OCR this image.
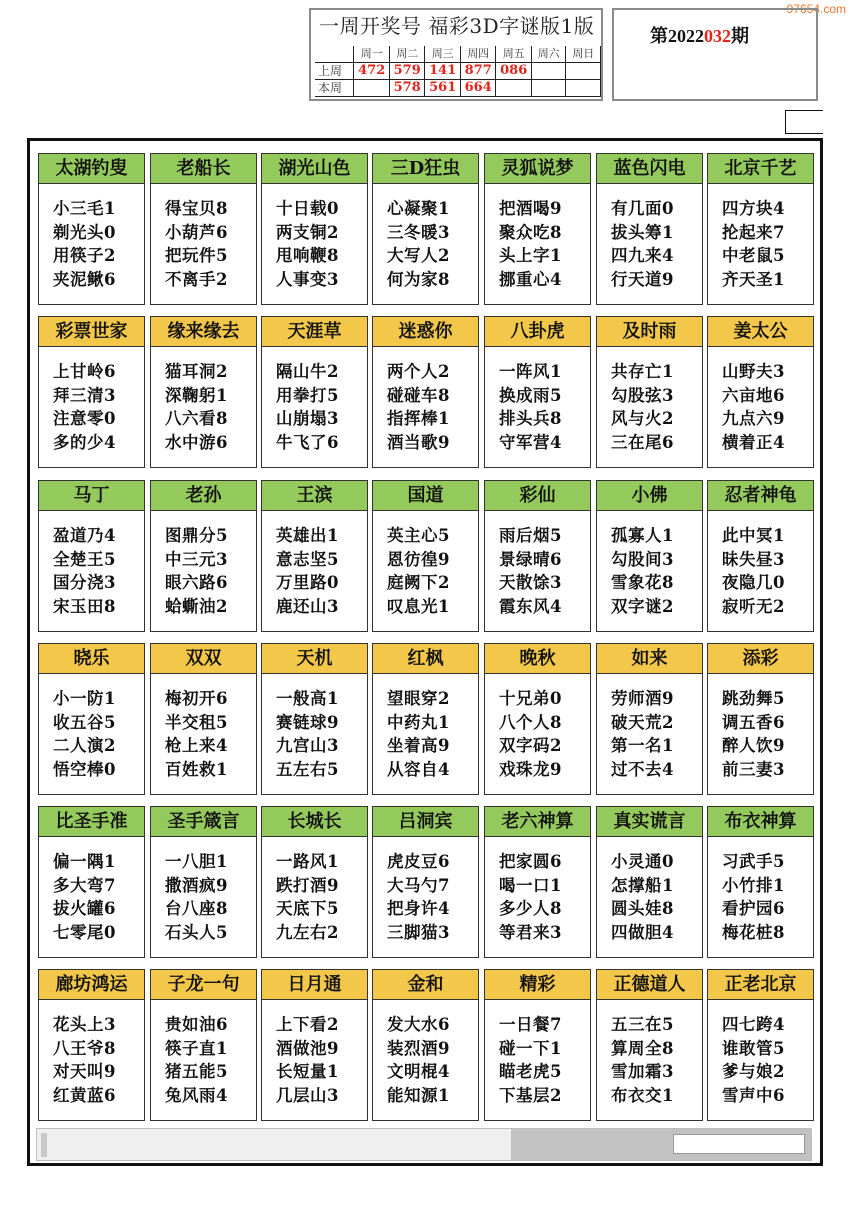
97654.com
一周开奖号 福彩3D字谜版1版
	周一	周二	周三	周四	周五	周六	周日
上周	472	579	141	877	086		
本周		578	561	664			
第2022032期
太湖钓叟
小三毛1
剃光头0
用筷子2
夹泥鳅6
老船长
得宝贝8
小葫芦6
把玩件5
不离手2
湖光山色
十日载0
两支铜2
甩响鞭8
人事变3
三D狂虫
心凝聚1
三冬暖3
大写人2
何为家8
灵狐说梦
把酒喝9
聚众吃8
头上字1
挪重心4
蓝色闪电
有几面0
拔头筹1
四九来4
行天道9
北京千艺
四方块4
抡起来7
中老鼠5
齐天圣1
彩票世家
上甘岭6
拜三清3
注意零0
多的少4
缘来缘去
猫耳洞2
深鞠躬1
八六看8
水中游6
天涯草
隔山牛2
用拳打5
山崩塌3
牛飞了6
迷惑你
两个人2
碰碰车8
指挥棒1
酒当歌9
八卦虎
一阵风1
换成雨5
排头兵8
守军营4
及时雨
共存亡1
勾股弦3
风与火2
三在尾6
姜太公
山野夫3
六亩地6
九点六9
横着正4
马丁
盈道乃4
全楚王5
国分浇3
宋玉田8
老孙
图鼎分5
中三元3
眼六路6
蛤蟖油2
王滨
英雄出1
意志坚5
万里路0
鹿还山3
国道
英主心5
恩彷徨9
庭阙下2
叹息光1
彩仙
雨后烟5
景绿晴6
天散馀3
霞东风4
小佛
孤寡人1
勾股间3
雪象花8
双字谜2
忍者神龟
此中冥1
昧失昼3
夜隐几0
寂听无2
晓乐
小一防1
收五谷5
二人演2
悟空棒0
双双
梅初开6
半交租5
枪上来4
百姓救1
天机
一般高1
赛链球9
九宫山3
五左右5
红枫
望眼穿2
中药丸1
坐着高9
从容自4
晚秋
十兄弟0
八个人8
双字码2
戏珠龙9
如来
劳师酒9
破天荒2
第一名1
过不去4
添彩
跳劲舞5
调五香6
醉人饮9
前三妻3
比圣手准
偏一隅1
多大弯7
拔火罐6
七零尾0
圣手箴言
一八胆1
撒酒疯9
台八座8
石头人5
长城长
一路风1
跌打酒9
天底下5
九左右2
吕洞宾
虎皮豆6
大马勺7
把身许4
三脚猫3
老六神算
把家圆6
喝一口1
多少人8
等君来3
真实谎言
小灵通0
怎撑船1
圆头娃8
四做胆4
布衣神算
习武手5
小竹排1
看护园6
梅花桩8
廊坊鸿运
花头上3
八王爷8
对天叫9
红黄蓝6
子龙一句
贵如油6
筷子直1
猪五能5
兔风雨4
日月通
上下看2
酒做池9
长短量1
几层山3
金和
发大水6
装烈酒9
文明棍4
能知源1
精彩
一日餐7
碰一下1
瞄老虎5
下基层2
正德道人
五三在5
算周全8
雪加霜3
布衣交1
正老北京
四七跨4
谁敢管5
爹与娘2
雪声中6
